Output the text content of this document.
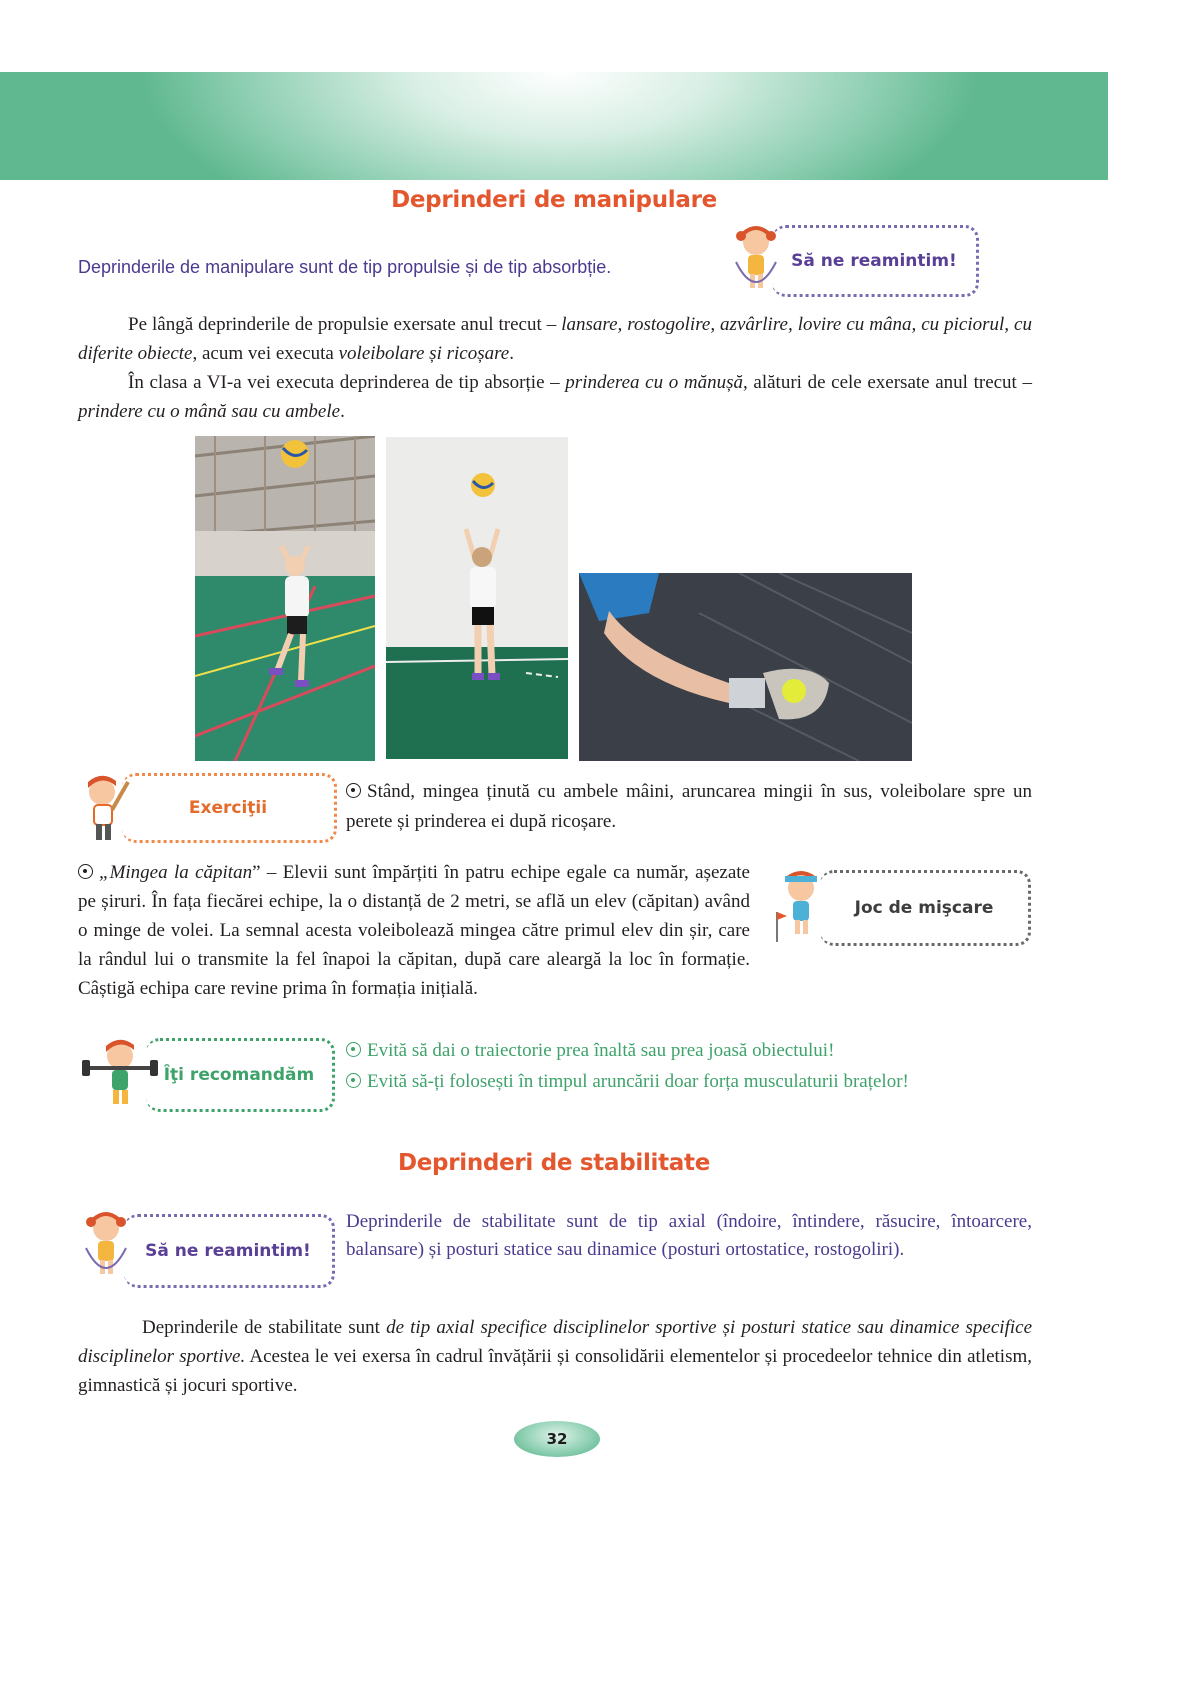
Deprinderi de manipulare
Deprinderile de manipulare sunt de tip propulsie și de tip absorbție.	Să ne reamintim!
Pe lângă deprinderile de propulsie exersate anul trecut – lansare, rostogolire, azvârlire, lovire cu mâna, cu piciorul, cu diferite obiecte, acum vei executa voleibolare și ricoșare.
În clasa a VI-a vei executa deprinderea de tip absorție – prinderea cu o mănușă, alături de cele exersate anul trecut – prindere cu o mână sau cu ambele.
Exerciţii
Stând, mingea ținută cu ambele mâini, aruncarea mingii în sus, voleibolare spre un perete și prinderea ei după ricoșare.
„Mingea la căpitan” – Elevii sunt împărțiti în patru echipe egale ca număr, așezate pe șiruri. În fața fiecărei echipe, la o distanță de 2 metri, se află un elev (căpitan) având o minge de volei. La semnal acesta voleibolează mingea către primul elev din șir, care la rândul lui o transmite la fel înapoi la căpitan, după care aleargă la loc în formație. Câștigă echipa care revine prima în formația inițială.
Joc de mişcare
Îţi recomandăm
Evită să dai o traiectorie prea înaltă sau prea joasă obiectului!
Evită să-ți folosești în timpul aruncării doar forța musculaturii brațelor!
Deprinderi de stabilitate
Să ne reamintim!
Deprinderile de stabilitate sunt de tip axial (îndoire, întindere, răsucire, întoarcere, balansare) și posturi statice sau dinamice (posturi ortostatice, rostogoliri).
Deprinderile de stabilitate sunt de tip axial specifice disciplinelor sportive și posturi statice sau dinamice specifice disciplinelor sportive. Acestea le vei exersa în cadrul învățării și consolidării elementelor și procedeelor tehnice din atletism, gimnastică și jocuri sportive.
32
